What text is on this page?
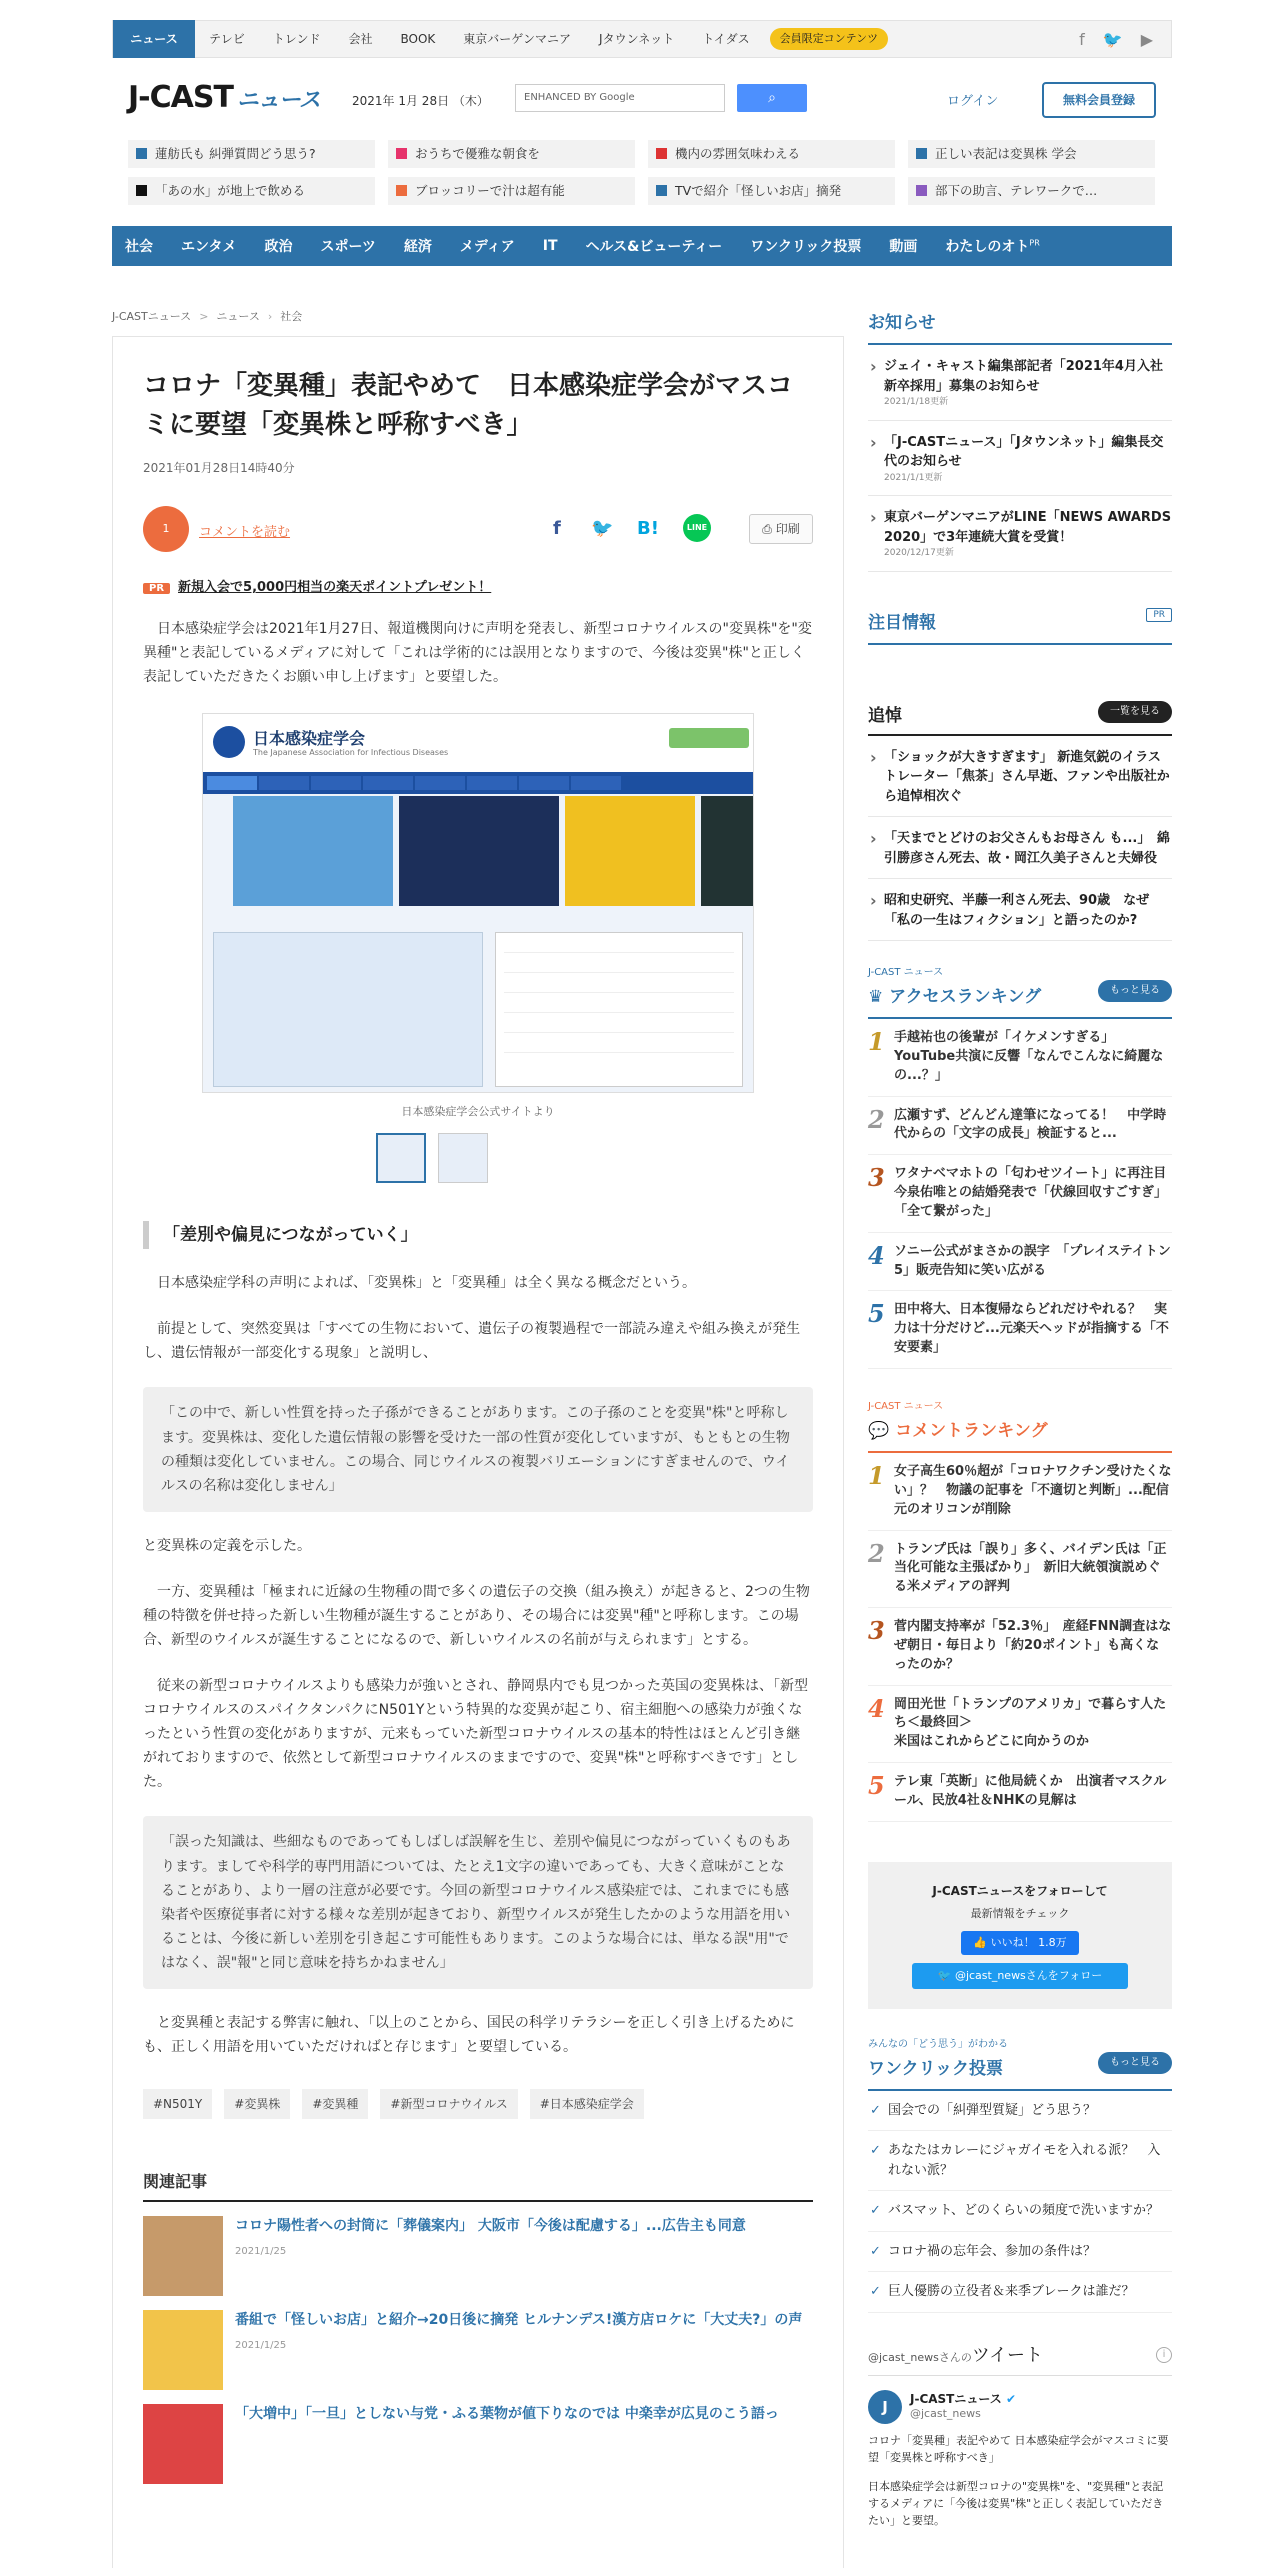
ニュース	テレビ	トレンド	会社	BOOK	東京バーゲンマニア	Jタウンネット	トイダス	会員限定コンテンツ	f 🐦 ▶
J-CAST ニュース	2021年 1月 28日 （木）	ENHANCED BY Google	⌕	ログイン	無料会員登録
蓮舫氏も 糾弾質問どう思う?	おうちで優雅な朝食を	機内の雰囲気味わえる	正しい表記は変異株 学会
「あの水」が地上で飲める	ブロッコリーで汁は超有能	TVで紹介「怪しいお店」摘発	部下の助言、テレワークで…
社会 エンタメ 政治 スポーツ 経済 メディア IT ヘルス&ビューティー ワンクリック投票 動画 わたしのオト$^{PR}$
J-CASTニュース > ニュース › 社会
コロナ「変異種」表記やめて　日本感染症学会がマスコミに要望「変異株と呼称すべき」
2021年01月28日14時40分
1	コメントを読む	f 🐦 B!	LINE	⎙ 印刷
PR 新規入会で5,000円相当の楽天ポイントプレゼント！

日本感染症学会は2021年1月27日、報道機関向けに声明を発表し、新型コロナウイルスの"変異株"を"変異種"と表記しているメディアに対して「これは学術的には誤用となりますので、今後は変異"株"と正しく表記していただきたくお願い申し上げます」と要望した。

日本感染症学会
The Japanese Association for Infectious Diseases
日本感染症学会公式サイトより
「差別や偏見につながっていく」

日本感染症学科の声明によれば、「変異株」と「変異種」は全く異なる概念だという。

前提として、突然変異は「すべての生物において、遺伝子の複製過程で一部読み違えや組み換えが発生し、遺伝情報が一部変化する現象」と説明し、

「この中で、新しい性質を持った子孫ができることがあります。この子孫のことを変異"株"と呼称します。変異株は、変化した遺伝情報の影響を受けた一部の性質が変化していますが、もともとの生物の種類は変化していません。この場合、同じウイルスの複製バリエーションにすぎませんので、ウイルスの名称は変化しません」

と変異株の定義を示した。

一方、変異種は「極まれに近縁の生物種の間で多くの遺伝子の交換（組み換え）が起きると、2つの生物種の特徴を併せ持った新しい生物種が誕生することがあり、その場合には変異"種"と呼称します。この場合、新型のウイルスが誕生することになるので、新しいウイルスの名前が与えられます」とする。

従来の新型コロナウイルスよりも感染力が強いとされ、静岡県内でも見つかった英国の変異株は、「新型コロナウイルスのスパイクタンパクにN501Yという特異的な変異が起こり、宿主細胞への感染力が強くなったという性質の変化がありますが、元来もっていた新型コロナウイルスの基本的特性はほとんど引き継がれておりますので、依然として新型コロナウイルスのままですので、変異"株"と呼称すべきです」とした。

「誤った知識は、些細なものであってもしばしば誤解を生じ、差別や偏見につながっていくものもあります。ましてや科学的専門用語については、たとえ1文字の違いであっても、大きく意味がことなることがあり、より一層の注意が必要です。今回の新型コロナウイルス感染症では、これまでにも感染者や医療従事者に対する様々な差別が起きており、新型ウイルスが発生したかのような用語を用いることは、今後に新しい差別を引き起こす可能性もあります。このような場合には、単なる誤"用"ではなく、誤"報"と同じ意味を持ちかねません」

と変異種と表記する弊害に触れ、「以上のことから、国民の科学リテラシーを正しく引き上げるためにも、正しく用語を用いていただければと存じます」と要望している。

#N501Y	#変異株	#変異種	#新型コロナウイルス	#日本感染症学会
関連記事
コロナ陽性者への封筒に「葬儀案内」 大阪市「今後は配慮する」...広告主も同意
2021/1/25
番組で「怪しいお店」と紹介→20日後に摘発 ヒルナンデス!漢方店ロケに「大丈夫?」の声
2021/1/25
「大増中」「一旦」としない与党・ふる葉物が値下りなのでは 中楽幸が広見のこう語っ
お知らせ
› ジェイ・キャスト編集部記者「2021年4月入社新卒採用」募集のお知らせ
2021/1/18更新
› 「J-CASTニュース」「Jタウンネット」編集長交代のお知らせ
2021/1/1更新
› 東京バーゲンマニアがLINE「NEWS AWARDS 2020」で3年連続大賞を受賞！
2020/12/17更新
注目情報	PR
追悼	一覧を見る
› 「ショックが大きすぎます」 新進気鋭のイラストレーター「焦茶」さん早逝、ファンや出版社から追悼相次ぐ
› 「天までとどけのお父さんもお母さん も...」　綿引勝彦さん死去、故・岡江久美子さんと夫婦役
› 昭和史研究、半藤一利さん死去、90歳　なぜ「私の一生はフィクション」と語ったのか?
J-CAST ニュース
♛ アクセスランキング	もっと見る
1 手越祐也の後輩が「イケメンすぎる」 YouTube共演に反響「なんでこんなに綺麗なの...？」
2 広瀬すず、どんどん達筆になってる！　中学時代からの「文字の成長」検証すると...
3 ワタナベマホトの「匂わせツイート」に再注目　今泉佑唯との結婚発表で「伏線回収すごすぎ」「全て繋がった」
4 ソニー公式がまさかの誤字　「プレイステイトン5」販売告知に笑い広がる
5 田中将大、日本復帰ならどれだけやれる？　実力は十分だけど...元楽天ヘッドが指摘する「不安要素」
J-CAST ニュース
💬 コメントランキング
1 女子高生60％超が「コロナワクチン受けたくない」？　物議の記事を「不適切と判断」...配信元のオリコンが削除
2 トランプ氏は「誤り」多く、バイデン氏は「正当化可能な主張ばかり」　新旧大統領演説めぐる米メディアの評判
3 菅内閣支持率が「52.3％」　産経FNN調査はなぜ朝日・毎日より「約20ポイント」も高くなったのか？
4 岡田光世「トランプのアメリカ」で暮らす人たち＜最終回＞
米国はこれからどこに向かうのか
5 テレ東「英断」に他局続くか　出演者マスクルール、民放4社＆NHKの見解は
J-CASTニュースをフォローして
最新情報をチェック
👍 いいね！ 1.8万
🐦 @jcast_newsさんをフォロー
みんなの「どう思う」がわかる
ワンクリック投票	もっと見る
✓ 国会での「糾弾型質疑」どう思う？
✓ あなたはカレーにジャガイモを入れる派？　入れない派？
✓ バスマット、どのくらいの頻度で洗いますか？
✓ コロナ禍の忘年会、参加の条件は？
✓ 巨人優勝の立役者＆来季ブレークは誰だ？
@jcast_newsさんのツイート	i
J	J-CASTニュース ✔
@jcast_news
コロナ「変異種」表記やめて 日本感染症学会がマスコミに要望「変異株と呼称すべき」
日本感染症学会は新型コロナの"変異株"を、"変異種"と表記するメディアに「今後は変異"株"と正しく表記していただきたい」と要望。
